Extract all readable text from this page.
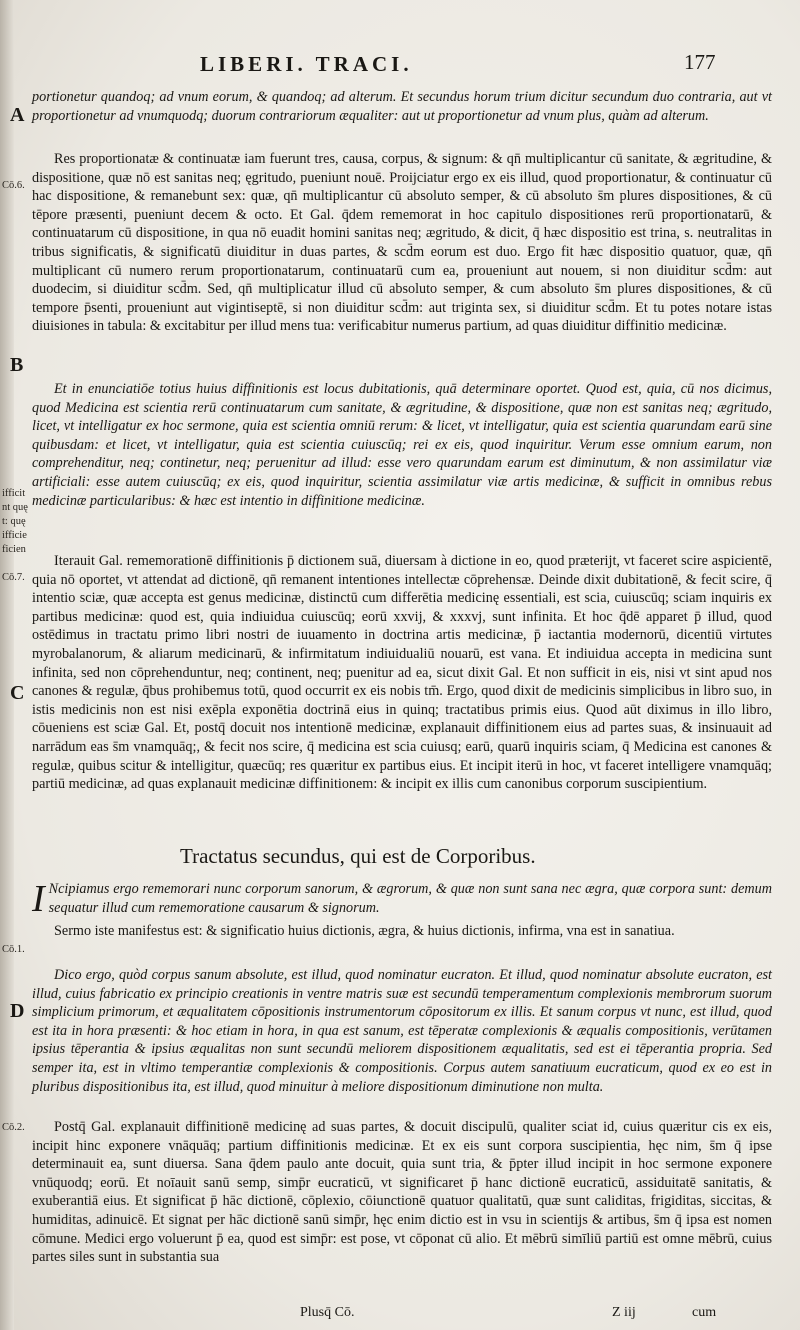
LIBERI. TRACI.	177
A
B
C
D
Cō.6.
Cō.7.
Cō.1.
Cō.2.
ifficit
nt quę
t: quę
ifficie
ficien

portionetur quandoq; ad vnum eorum, & quandoq; ad alterum. Et secundus horum trium dicitur secundum duo contraria, aut vt proportionetur ad vnumquodq; duorum contrariorum æqualiter: aut ut proportionetur ad vnum plus, quàm ad alterum.

Res proportionatæ & continuatæ iam fuerunt tres, causa, corpus, & signum: & qn̄ multiplicantur cū sanitate, & ægritudine, & dispositione, quæ nō est sanitas neq; ęgritudo, pueniunt nouē. Proijciatur ergo ex eis illud, quod proportionatur, & continuatur cū hac dispositione, & remanebunt sex: quæ, qn̄ multiplicantur cū absoluto semper, & cū absoluto s̄m plures dispositiones, & cū tēpore præsenti, pueniunt decem & octo. Et Gal. q̄dem rememorat in hoc capitulo dispositiones rerū proportionatarū, & continuatarum cū dispositione, in qua nō euadit homini sanitas neq; ægritudo, & dicit, q̄ hæc dispositio est trina, s. neutralitas in tribus significatis, & significatū diuiditur in duas partes, & scd̄m eorum est duo. Ergo fit hæc dispositio quatuor, quæ, qn̄ multiplicant cū numero rerum proportionatarum, continuatarū cum ea, proueniunt aut nouem, si non diuiditur scd̄m: aut duodecim, si diuiditur scd̄m. Sed, qn̄ multiplicatur illud cū absoluto semper, & cum absoluto s̄m plures dispositiones, & cū tempore p̄senti, proueniunt aut vigintiseptē, si non diuiditur scd̄m: aut triginta sex, si diuiditur scd̄m. Et tu potes notare istas diuisiones in tabula: & excitabitur per illud mens tua: verificabitur numerus partium, ad quas diuiditur diffinitio medicinæ.

Et in enunciatiōe totius huius diffinitionis est locus dubitationis, quā determinare oportet. Quod est, quia, cū nos dicimus, quod Medicina est scientia rerū continuatarum cum sanitate, & ægritudine, & dispositione, quæ non est sanitas neq; ægritudo, licet, vt intelligatur ex hoc sermone, quia est scientia omniū rerum: & licet, vt intelligatur, quia est scientia quarundam earū sine quibusdam: et licet, vt intelligatur, quia est scientia cuiuscūq; rei ex eis, quod inquiritur. Verum esse omnium earum, non comprehenditur, neq; continetur, neq; peruenitur ad illud: esse vero quarundam earum est diminutum, & non assimilatur viæ artificiali: esse autem cuiuscūq; ex eis, quod inquiritur, scientia assimilatur viæ artis medicinæ, & sufficit in omnibus rebus medicinæ particularibus: & hæc est intentio in diffinitione medicinæ.

Iterauit Gal. rememorationē diffinitionis p̄ dictionem suā, diuersam à dictione in eo, quod præterijt, vt faceret scire aspicientē, quia nō oportet, vt attendat ad dictionē, qn̄ remanent intentiones intellectæ cōprehensæ. Deinde dixit dubitationē, & fecit scire, q̄ intentio sciæ, quæ accepta est genus medicinæ, distinctū cum differētia medicinę essentiali, est scia, cuiuscūq; sciam inquiris ex partibus medicinæ: quod est, quia indiuidua cuiuscūq; eorū xxvij, & xxxvj, sunt infinita. Et hoc q̄dē apparet p̄ illud, quod ostēdimus in tractatu primo libri nostri de iuuamento in doctrina artis medicinæ, p̄ iactantia modernorū, dicentiū virtutes myrobalanorum, & aliarum medicinarū, & infirmitatum indiuidualiū nouarū, est vana. Et indiuidua accepta in medicina sunt infinita, sed non cōprehenduntur, neq; continent, neq; puenitur ad ea, sicut dixit Gal. Et non sufficit in eis, nisi vt sint apud nos canones & regulæ, q̄bus prohibemus totū, quod occurrit ex eis nobis tm̄. Ergo, quod dixit de medicinis simplicibus in libro suo, in istis medicinis non est nisi exēpla exponētia doctrinā eius in quinq; tractatibus primis eius. Quod aūt diximus in illo libro, cōueniens est sciæ Gal. Et, postq̄ docuit nos intentionē medicinæ, explanauit diffinitionem eius ad partes suas, & insinuauit ad narrādum eas s̄m vnamquāq;, & fecit nos scire, q̄ medicina est scia cuiusq; earū, quarū inquiris sciam, q̄ Medicina est canones & regulæ, quibus scitur & intelligitur, quæcūq; res quæritur ex partibus eius. Et incipit iterū in hoc, vt faceret intelligere vnamquāq; partiū medicinæ, ad quas explanauit medicinæ diffinitionem: & incipit ex illis cum canonibus corporum suscipientium.

Tractatus secundus, qui est de Corporibus.
I Ncipiamus ergo rememorari nunc corporum sanorum, & ægrorum, & quæ non sunt sana nec ægra, quæ corpora sunt: demum sequatur illud cum rememoratione causarum & signorum.

Sermo iste manifestus est: & significatio huius dictionis, ægra, & huius dictionis, infirma, vna est in sanatiua.

Dico ergo, quòd corpus sanum absolute, est illud, quod nominatur eucraton. Et illud, quod nominatur absolute eucraton, est illud, cuius fabricatio ex principio creationis in ventre matris suæ est secundū temperamentum complexionis membrorum suorum simplicium primorum, et æqualitatem cōpositionis instrumentorum cōpositorum ex illis. Et sanum corpus vt nunc, est illud, quod est ita in hora præsenti: & hoc etiam in hora, in qua est sanum, est tēperatæ complexionis & æqualis compositionis, verūtamen ipsius tēperantia & ipsius æqualitas non sunt secundū meliorem dispositionem æqualitatis, sed est ei tēperantia propria. Sed semper ita, est in vltimo temperantiæ complexionis & compositionis. Corpus autem sanatiuum eucraticum, quod ex eo est in pluribus dispositionibus ita, est illud, quod minuitur à meliore dispositionum diminutione non multa.

Postq̄ Gal. explanauit diffinitionē medicinę ad suas partes, & docuit discipulū, qualiter sciat id, cuius quæritur cis ex eis, incipit hinc exponere vnāquāq; partium diffinitionis medicinæ. Et ex eis sunt corpora suscipientia, hęc nim, s̄m q̄ ipse determinauit ea, sunt diuersa. Sana q̄dem paulo ante docuit, quia sunt tria, & p̄pter illud incipit in hoc sermone exponere vnūquodq; eorū. Et noīauit sanū semp, simp̄r eucraticū, vt significaret p̄ hanc dictionē eucraticū, assiduitatē sanitatis, & exuberantiā eius. Et significat p̄ hāc dictionē, cōplexio, cōiunctionē quatuor qualitatū, quæ sunt caliditas, frigiditas, siccitas, & humiditas, adinuicē. Et signat per hāc dictionē sanū simp̄r, hęc enim dictio est in vsu in scientijs & artibus, s̄m q̄ ipsa est nomen cōmune. Medici ergo voluerunt p̄ ea, quod est simp̄r: est pose, vt cōponat cū alio. Et mēbrū simīliū partiū est omne mēbrū, cuius partes siles sunt in substantia sua

Plusq̄ Cō.	Z iij	cum
